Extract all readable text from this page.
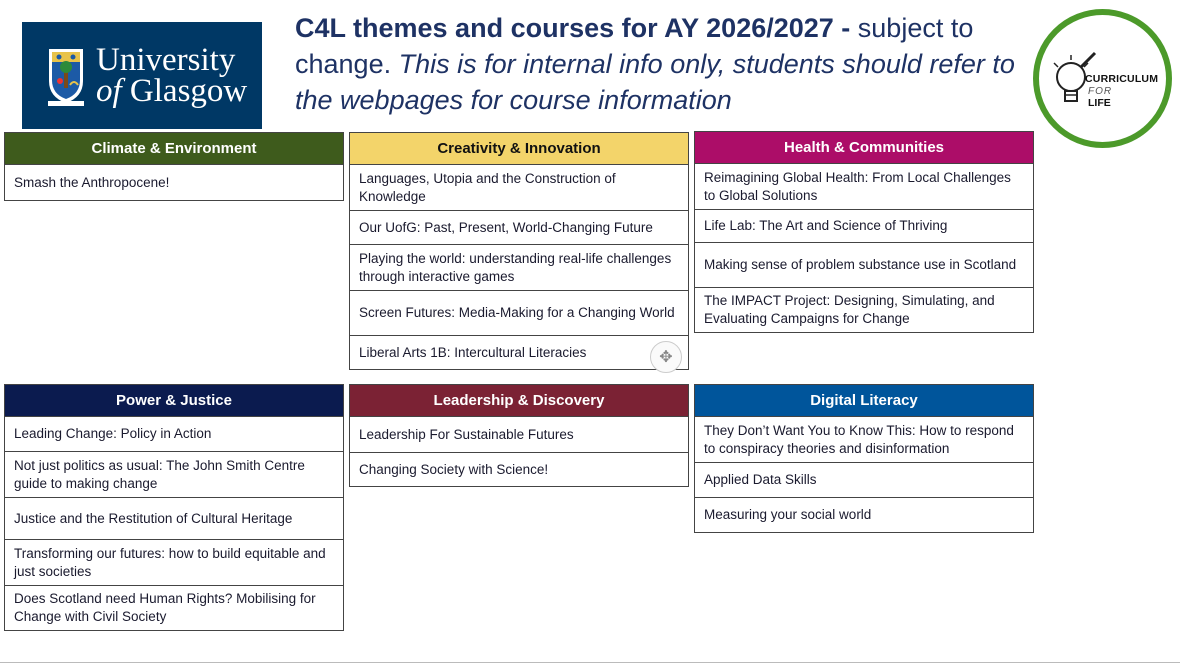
University
of Glasgow
C4L themes and courses for AY 2026/2027 - subject to change. This is for internal info only, students should refer to the webpages for course information
CURRICULUM
FOR
LIFE
Climate & Environment
Smash the Anthropocene!
Creativity & Innovation
Languages, Utopia and the Construction of Knowledge
Our UofG: Past, Present, World-Changing Future
Playing the world: understanding real-life challenges through interactive games
Screen Futures: Media-Making for a Changing World
Liberal Arts 1B: Intercultural Literacies
Health & Communities
Reimagining Global Health: From Local Challenges to Global Solutions
Life Lab: The Art and Science of Thriving
Making sense of problem substance use in Scotland
The IMPACT Project: Designing, Simulating, and Evaluating Campaigns for Change
Power & Justice
Leading Change: Policy in Action
Not just politics as usual: The John Smith Centre guide to making change
Justice and the Restitution of Cultural Heritage
Transforming our futures: how to build equitable and just societies
Does Scotland need Human Rights? Mobilising for Change with Civil Society
Leadership & Discovery
Leadership For Sustainable Futures
Changing Society with Science!
Digital Literacy
They Don’t Want You to Know This: How to respond to conspiracy theories and disinformation
Applied Data Skills
Measuring your social world
✥
